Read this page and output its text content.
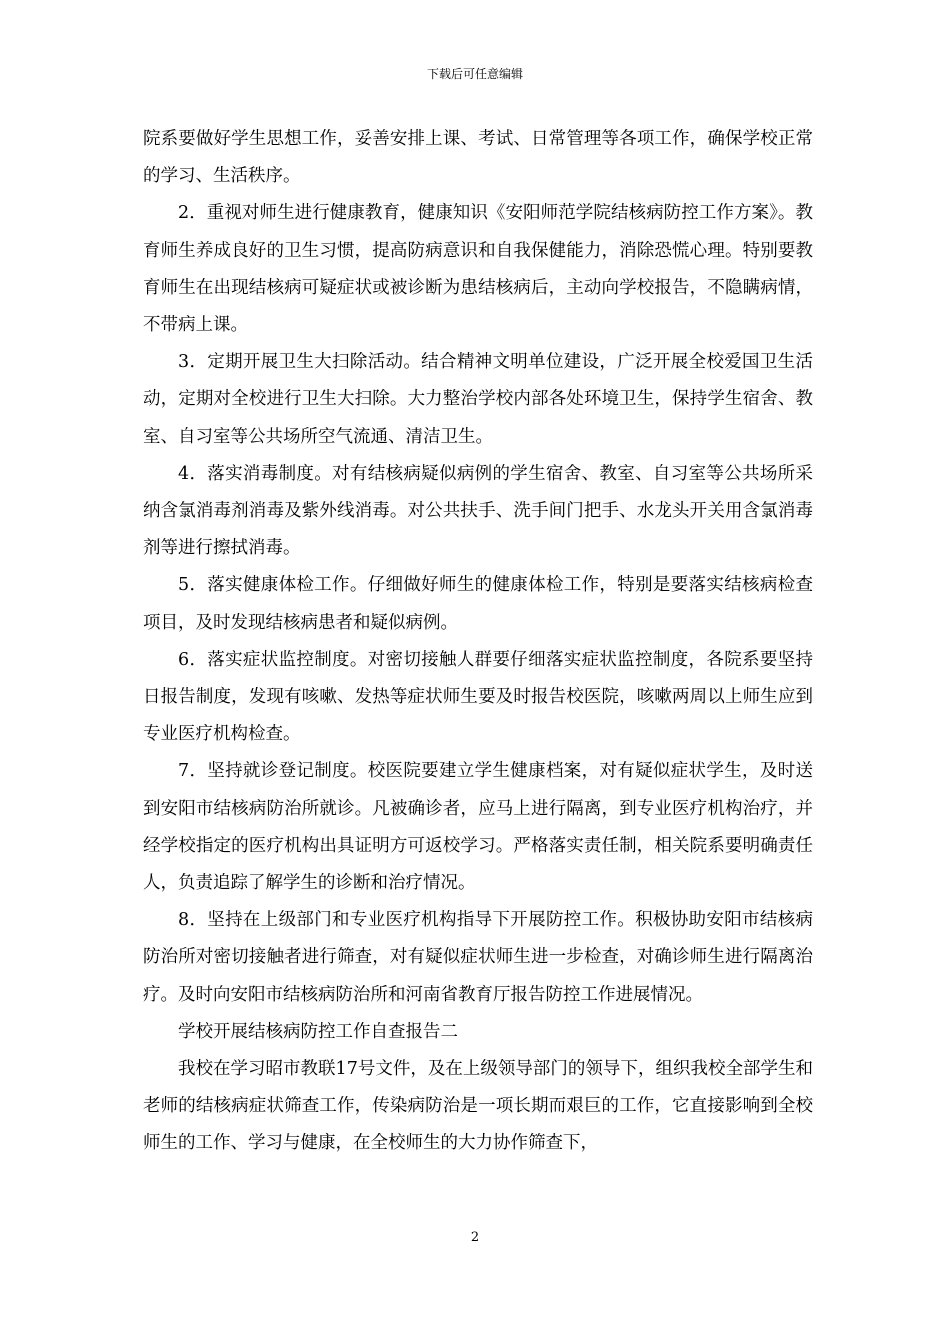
下载后可任意编辑

院系要做好学生思想工作，妥善安排上课、考试、日常管理等各项工作，确保学校正常的学习、生活秩序。

2．重视对师生进行健康教育，健康知识《安阳师范学院结核病防控工作方案》。教育师生养成良好的卫生习惯，提高防病意识和自我保健能力，消除恐慌心理。特别要教育师生在出现结核病可疑症状或被诊断为患结核病后，主动向学校报告，不隐瞒病情，不带病上课。

3．定期开展卫生大扫除活动。结合精神文明单位建设，广泛开展全校爱国卫生活动，定期对全校进行卫生大扫除。大力整治学校内部各处环境卫生，保持学生宿舍、教室、自习室等公共场所空气流通、清洁卫生。

4．落实消毒制度。对有结核病疑似病例的学生宿舍、教室、自习室等公共场所采纳含氯消毒剂消毒及紫外线消毒。对公共扶手、洗手间门把手、水龙头开关用含氯消毒剂等进行擦拭消毒。

5．落实健康体检工作。仔细做好师生的健康体检工作，特别是要落实结核病检查项目，及时发现结核病患者和疑似病例。

6．落实症状监控制度。对密切接触人群要仔细落实症状监控制度，各院系要坚持日报告制度，发现有咳嗽、发热等症状师生要及时报告校医院，咳嗽两周以上师生应到专业医疗机构检查。

7．坚持就诊登记制度。校医院要建立学生健康档案，对有疑似症状学生，及时送到安阳市结核病防治所就诊。凡被确诊者，应马上进行隔离，到专业医疗机构治疗，并经学校指定的医疗机构出具证明方可返校学习。严格落实责任制，相关院系要明确责任人，负责追踪了解学生的诊断和治疗情况。

8．坚持在上级部门和专业医疗机构指导下开展防控工作。积极协助安阳市结核病防治所对密切接触者进行筛查，对有疑似症状师生进一步检查，对确诊师生进行隔离治疗。及时向安阳市结核病防治所和河南省教育厅报告防控工作进展情况。

学校开展结核病防控工作自查报告二

我校在学习昭市教联17号文件，及在上级领导部门的领导下，组织我校全部学生和老师的结核病症状筛查工作，传染病防治是一项长期而艰巨的工作，它直接影响到全校师生的工作、学习与健康，在全校师生的大力协作筛查下，

2
